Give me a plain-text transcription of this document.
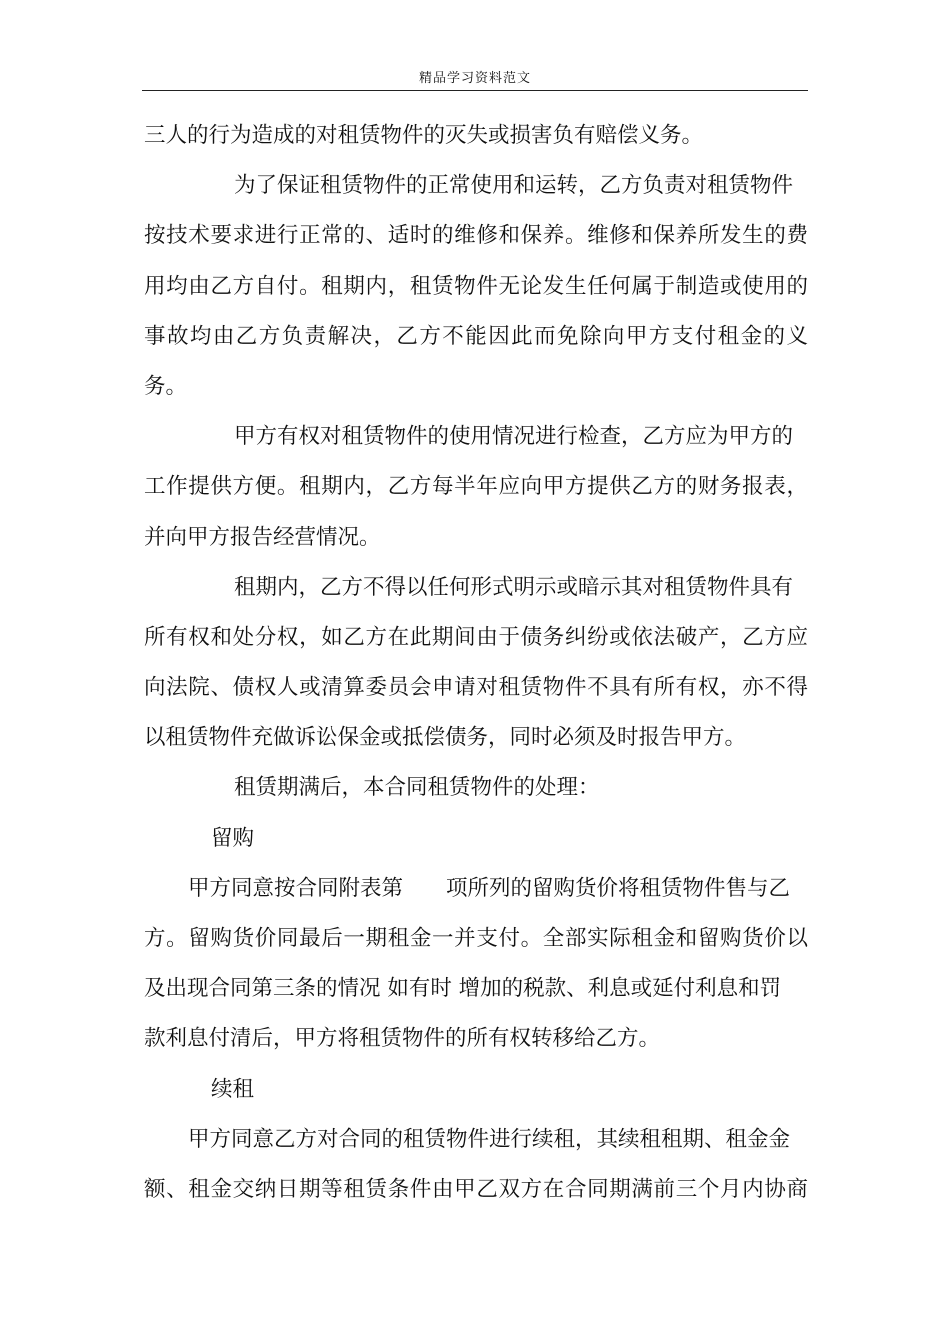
精品学习资料范文
三人的行为造成的对租赁物件的灭失或损害负有赔偿义务。
为了保证租赁物件的正常使用和运转，乙方负责对租赁物件
按技术要求进行正常的、适时的维修和保养。维修和保养所发生的费
用均由乙方自付。租期内，租赁物件无论发生任何属于制造或使用的
事故均由乙方负责解决，乙方不能因此而免除向甲方支付租金的义
务。
甲方有权对租赁物件的使用情况进行检查，乙方应为甲方的
工作提供方便。租期内，乙方每半年应向甲方提供乙方的财务报表，
并向甲方报告经营情况。
租期内，乙方不得以任何形式明示或暗示其对租赁物件具有
所有权和处分权，如乙方在此期间由于债务纠纷或依法破产，乙方应
向法院、债权人或清算委员会申请对租赁物件不具有所有权，亦不得
以租赁物件充做诉讼保金或抵偿债务，同时必须及时报告甲方。
租赁期满后，本合同租赁物件的处理：
留购
甲方同意按合同附表第　　项所列的留购货价将租赁物件售与乙
方。留购货价同最后一期租金一并支付。全部实际租金和留购货价以
及出现合同第三条的情况 如有时 增加的税款、利息或延付利息和罚
款利息付清后，甲方将租赁物件的所有权转移给乙方。
续租
甲方同意乙方对合同的租赁物件进行续租，其续租租期、租金金
额、租金交纳日期等租赁条件由甲乙双方在合同期满前三个月内协商
